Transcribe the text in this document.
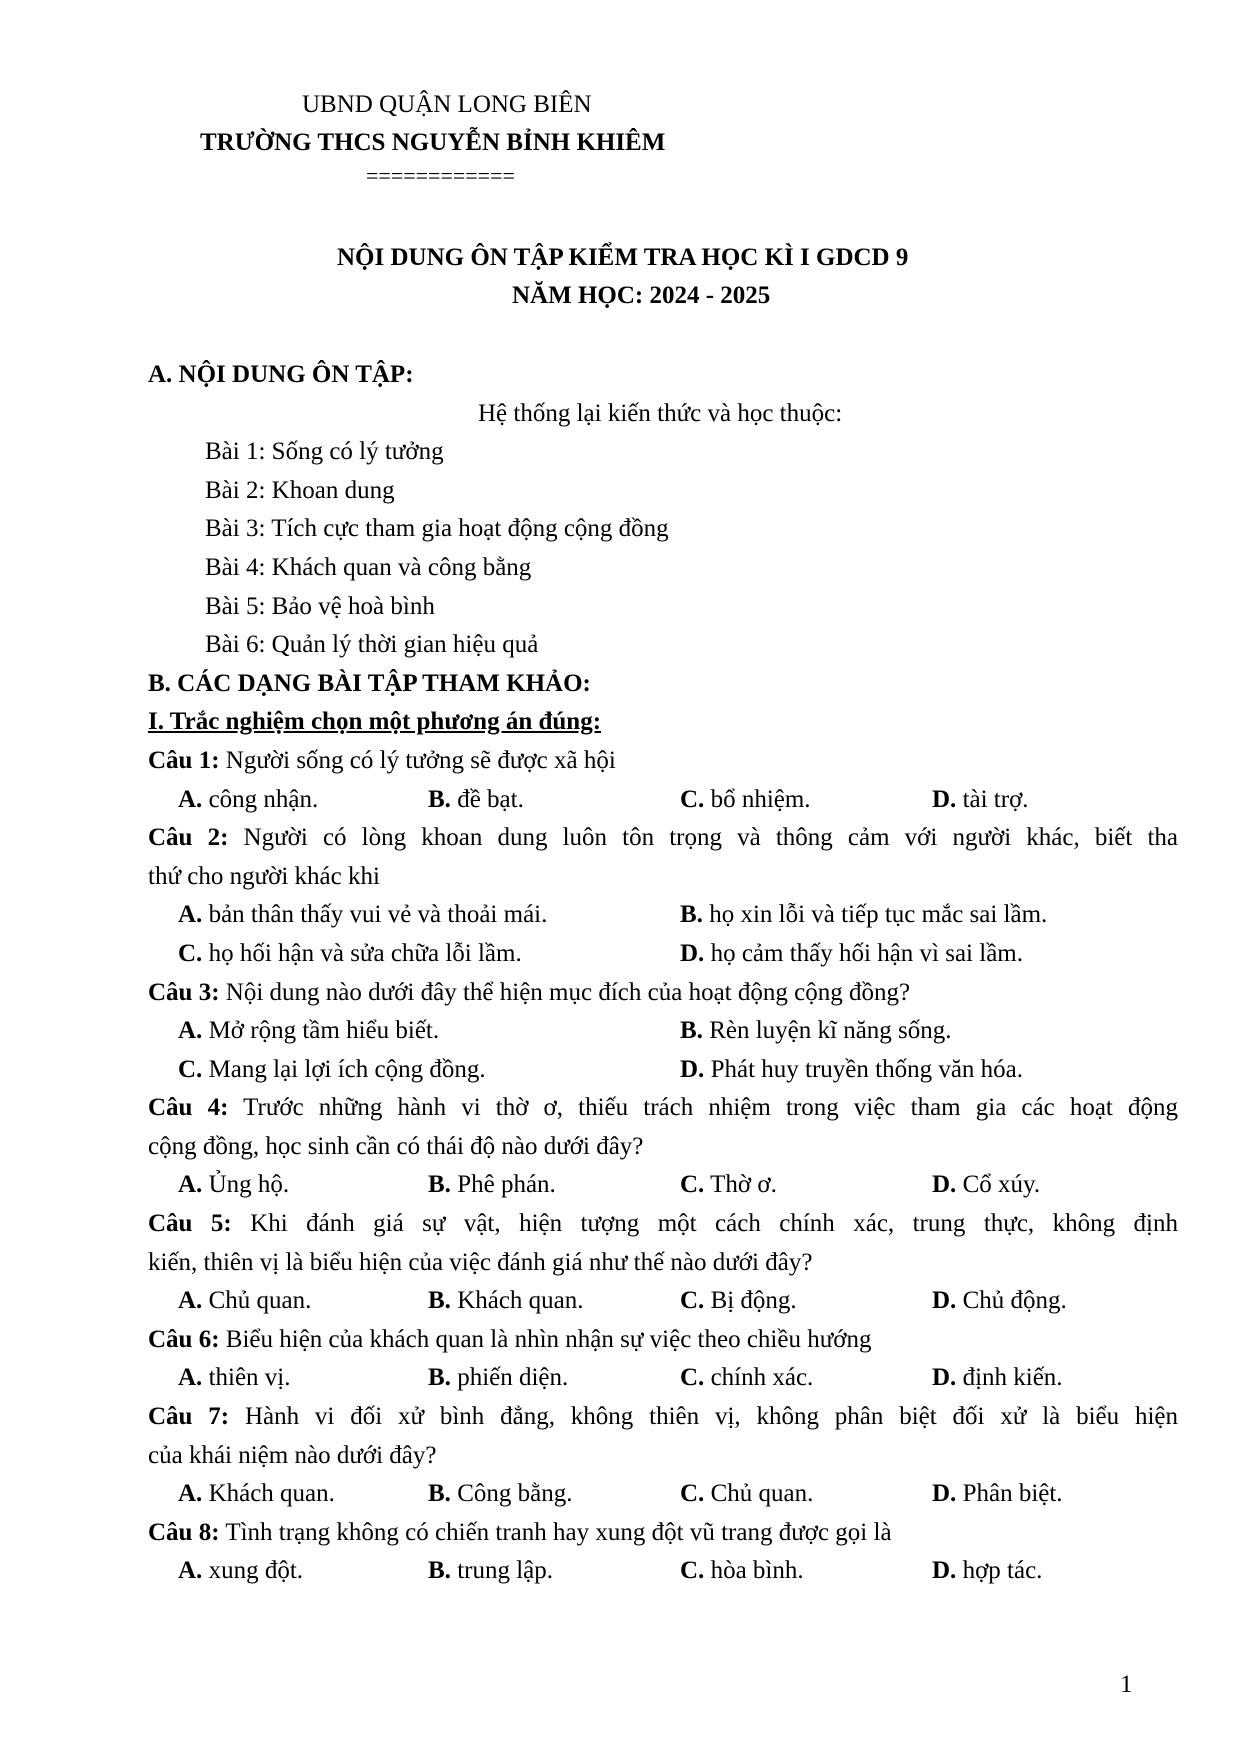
UBND QUẬN LONG BIÊN
TRƯỜNG THCS NGUYỄN BỈNH KHIÊM
============
NỘI DUNG ÔN TẬP KIỂM TRA HỌC KÌ I GDCD 9
NĂM HỌC: 2024 - 2025
A. NỘI DUNG ÔN TẬP:
Hệ thống lại kiến thức và học thuộc:
Bài 1: Sống có lý tưởng
Bài 2: Khoan dung
Bài 3: Tích cực tham gia hoạt động cộng đồng
Bài 4: Khách quan và công bằng
Bài 5: Bảo vệ hoà bình
Bài 6: Quản lý thời gian hiệu quả
B. CÁC DẠNG BÀI TẬP THAM KHẢO:
I. Trắc nghiệm chọn một phương án đúng:
Câu 1: Người sống có lý tưởng sẽ được xã hội
A. công nhận.	B. đề bạt.	C. bổ nhiệm.	D. tài trợ.
Câu 2: Người có lòng khoan dung luôn tôn trọng và thông cảm với người khác, biết tha
thứ cho người khác khi
A. bản thân thấy vui vẻ và thoải mái.	B. họ xin lỗi và tiếp tục mắc sai lầm.
C. họ hối hận và sửa chữa lỗi lầm.	D. họ cảm thấy hối hận vì sai lầm.
Câu 3: Nội dung nào dưới đây thể hiện mục đích của hoạt động cộng đồng?
A. Mở rộng tầm hiểu biết.	B. Rèn luyện kĩ năng sống.
C. Mang lại lợi ích cộng đồng.	D. Phát huy truyền thống văn hóa.
Câu 4: Trước những hành vi thờ ơ, thiếu trách nhiệm trong việc tham gia các hoạt động
cộng đồng, học sinh cần có thái độ nào dưới đây?
A. Ủng hộ.	B. Phê phán.	C. Thờ ơ.	D. Cổ xúy.
Câu 5: Khi đánh giá sự vật, hiện tượng một cách chính xác, trung thực, không định
kiến, thiên vị là biểu hiện của việc đánh giá như thế nào dưới đây?
A. Chủ quan.	B. Khách quan.	C. Bị động.	D. Chủ động.
Câu 6: Biểu hiện của khách quan là nhìn nhận sự việc theo chiều hướng
A. thiên vị.	B. phiến diện.	C. chính xác.	D. định kiến.
Câu 7: Hành vi đối xử bình đẳng, không thiên vị, không phân biệt đối xử là biểu hiện
của khái niệm nào dưới đây?
A. Khách quan.	B. Công bằng.	C. Chủ quan.	D. Phân biệt.
Câu 8: Tình trạng không có chiến tranh hay xung đột vũ trang được gọi là
A. xung đột.	B. trung lập.	C. hòa bình.	D. hợp tác.
1
